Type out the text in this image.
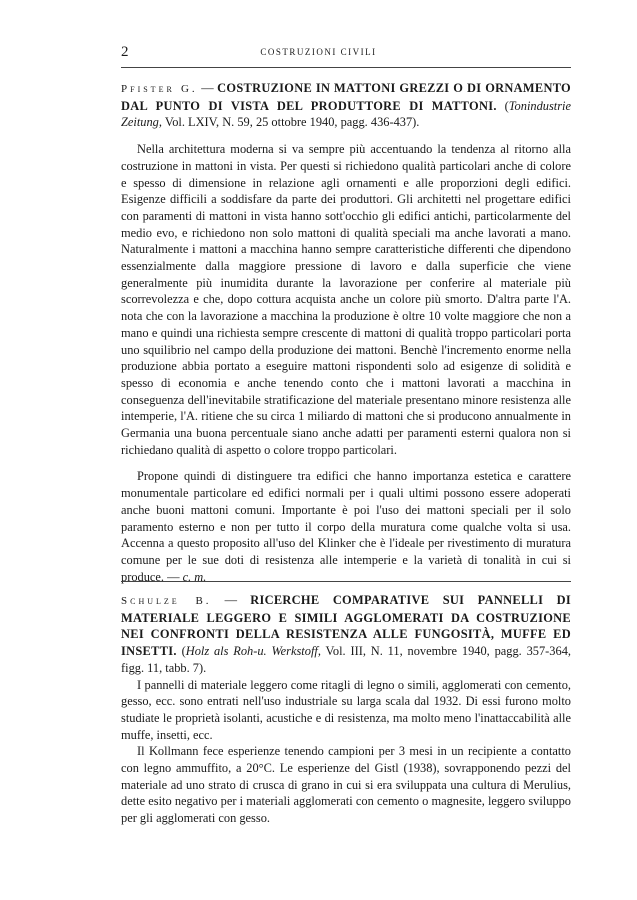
2	COSTRUZIONI CIVILI
Pfister G. — COSTRUZIONE IN MATTONI GREZZI O DI ORNAMENTO DAL PUNTO DI VISTA DEL PRODUTTORE DI MATTONI. (Tonindustrie Zeitung, Vol. LXIV, N. 59, 25 ottobre 1940, pagg. 436-437).

Nella architettura moderna si va sempre più accentuando la tendenza al ritorno alla costruzione in mattoni in vista. Per questi si richiedono qualità particolari anche di colore e spesso di dimensione in relazione agli ornamenti e alle proporzioni degli edifici. Esigenze difficili a soddisfare da parte dei produttori. Gli architetti nel progettare edifici con paramenti di mattoni in vista hanno sott'occhio gli edifici antichi, particolarmente del medio evo, e richiedono non solo mattoni di qualità speciali ma anche lavorati a mano. Naturalmente i mattoni a macchina hanno sempre caratteristiche differenti che dipendono essenzialmente dalla maggiore pressione di lavoro e dalla superficie che viene generalmente più inumidita durante la lavorazione per conferire al materiale più scorrevolezza e che, dopo cottura acquista anche un colore più smorto. D'altra parte l'A. nota che con la lavorazione a macchina la produzione è oltre 10 volte maggiore che non a mano e quindi una richiesta sempre crescente di mattoni di qualità troppo particolari porta uno squilibrio nel campo della produzione dei mattoni. Benchè l'incremento enorme nella produzione abbia portato a eseguire mattoni rispondenti solo ad esigenze di solidità e spesso di economia e anche tenendo conto che i mattoni lavorati a macchina in conseguenza dell'inevitabile stratificazione del materiale presentano minore resistenza alle intemperie, l'A. ritiene che su circa 1 miliardo di mattoni che si producono annualmente in Germania una buona percentuale siano anche adatti per paramenti esterni qualora non si richiedano qualità di aspetto o colore troppo particolari.

Propone quindi di distinguere tra edifici che hanno importanza estetica e carattere monumentale particolare ed edifici normali per i quali ultimi possono essere adoperati anche buoni mattoni comuni. Importante è poi l'uso dei mattoni speciali per il solo paramento esterno e non per tutto il corpo della muratura come qualche volta si usa. Accenna a questo proposito all'uso del Klinker che è l'ideale per rivestimento di muratura comune per le sue doti di resistenza alle intemperie e la varietà di tonalità in cui si produce. — c. m.

Schulze B. — RICERCHE COMPARATIVE SUI PANNELLI DI MATERIALE LEGGERO E SIMILI AGGLOMERATI DA COSTRUZIONE NEI CONFRONTI DELLA RESISTENZA ALLE FUNGOSITÀ, MUFFE ED INSETTI. (Holz als Roh-u. Werkstoff, Vol. III, N. 11, novembre 1940, pagg. 357-364, figg. 11, tabb. 7).

I pannelli di materiale leggero come ritagli di legno o simili, agglomerati con cemento, gesso, ecc. sono entrati nell'uso industriale su larga scala dal 1932. Di essi furono molto studiate le proprietà isolanti, acustiche e di resistenza, ma molto meno l'inattaccabilità alle muffe, insetti, ecc.

Il Kollmann fece esperienze tenendo campioni per 3 mesi in un recipiente a contatto con legno ammuffito, a 20°C. Le esperienze del Gistl (1938), sovrapponendo pezzi del materiale ad uno strato di crusca di grano in cui si era sviluppata una cultura di Merulius, dette esito negativo per i materiali agglomerati con cemento o magnesite, leggero sviluppo per gli agglomerati con gesso.
